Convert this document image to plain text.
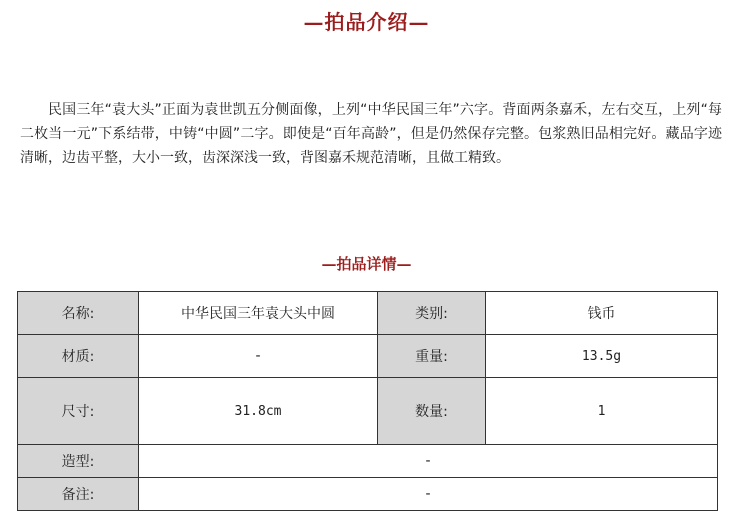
—拍品介绍—

民国三年“袁大头”正面为袁世凯五分侧面像，上列“中华民国三年”六字。背面两条嘉禾，左右交互，上列“每二枚当一元”下系结带，中铸“中圆”二字。即使是“百年高龄”，但是仍然保存完整。包浆熟旧品相完好。藏品字迹清晰，边齿平整，大小一致，齿深深浅一致，背图嘉禾规范清晰，且做工精致。

—拍品详情—
名称:	中华民国三年袁大头中圆	类别:	钱币
材质:	-	重量:	13.5g
尺寸:	31.8cm	数量:	1
造型:	-		
备注:	-		
